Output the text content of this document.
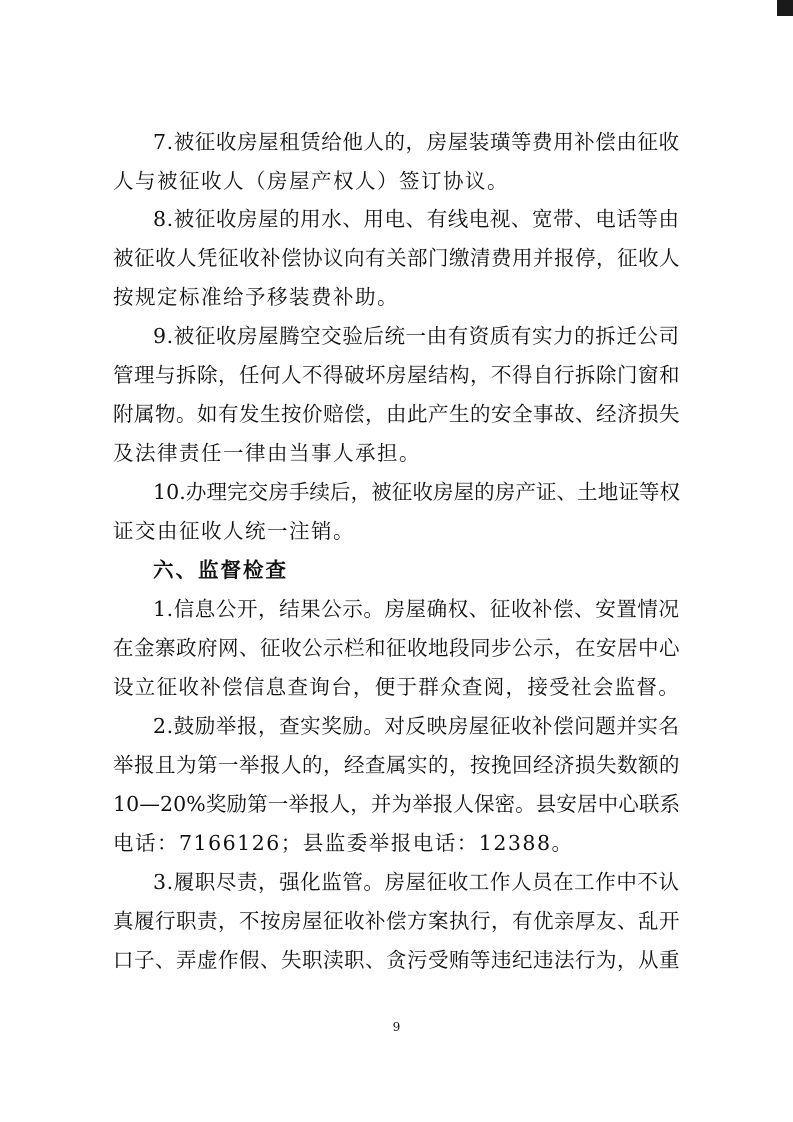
7.被征收房屋租赁给他人的，房屋装璜等费用补偿由征收
人与被征收人（房屋产权人）签订协议。
8.被征收房屋的用水、用电、有线电视、宽带、电话等由
被征收人凭征收补偿协议向有关部门缴清费用并报停，征收人
按规定标准给予移装费补助。
9.被征收房屋腾空交验后统一由有资质有实力的拆迁公司
管理与拆除，任何人不得破坏房屋结构，不得自行拆除门窗和
附属物。如有发生按价赔偿，由此产生的安全事故、经济损失
及法律责任一律由当事人承担。
10.办理完交房手续后，被征收房屋的房产证、土地证等权
证交由征收人统一注销。
六、监督检查
1.信息公开，结果公示。房屋确权、征收补偿、安置情况
在金寨政府网、征收公示栏和征收地段同步公示，在安居中心
设立征收补偿信息查询台，便于群众查阅，接受社会监督。
2.鼓励举报，查实奖励。对反映房屋征收补偿问题并实名
举报且为第一举报人的，经查属实的，按挽回经济损失数额的
10—20%奖励第一举报人，并为举报人保密。县安居中心联系
电话：7166126；县监委举报电话：12388。
3.履职尽责，强化监管。房屋征收工作人员在工作中不认
真履行职责，不按房屋征收补偿方案执行，有优亲厚友、乱开
口子、弄虚作假、失职渎职、贪污受贿等违纪违法行为，从重
9
